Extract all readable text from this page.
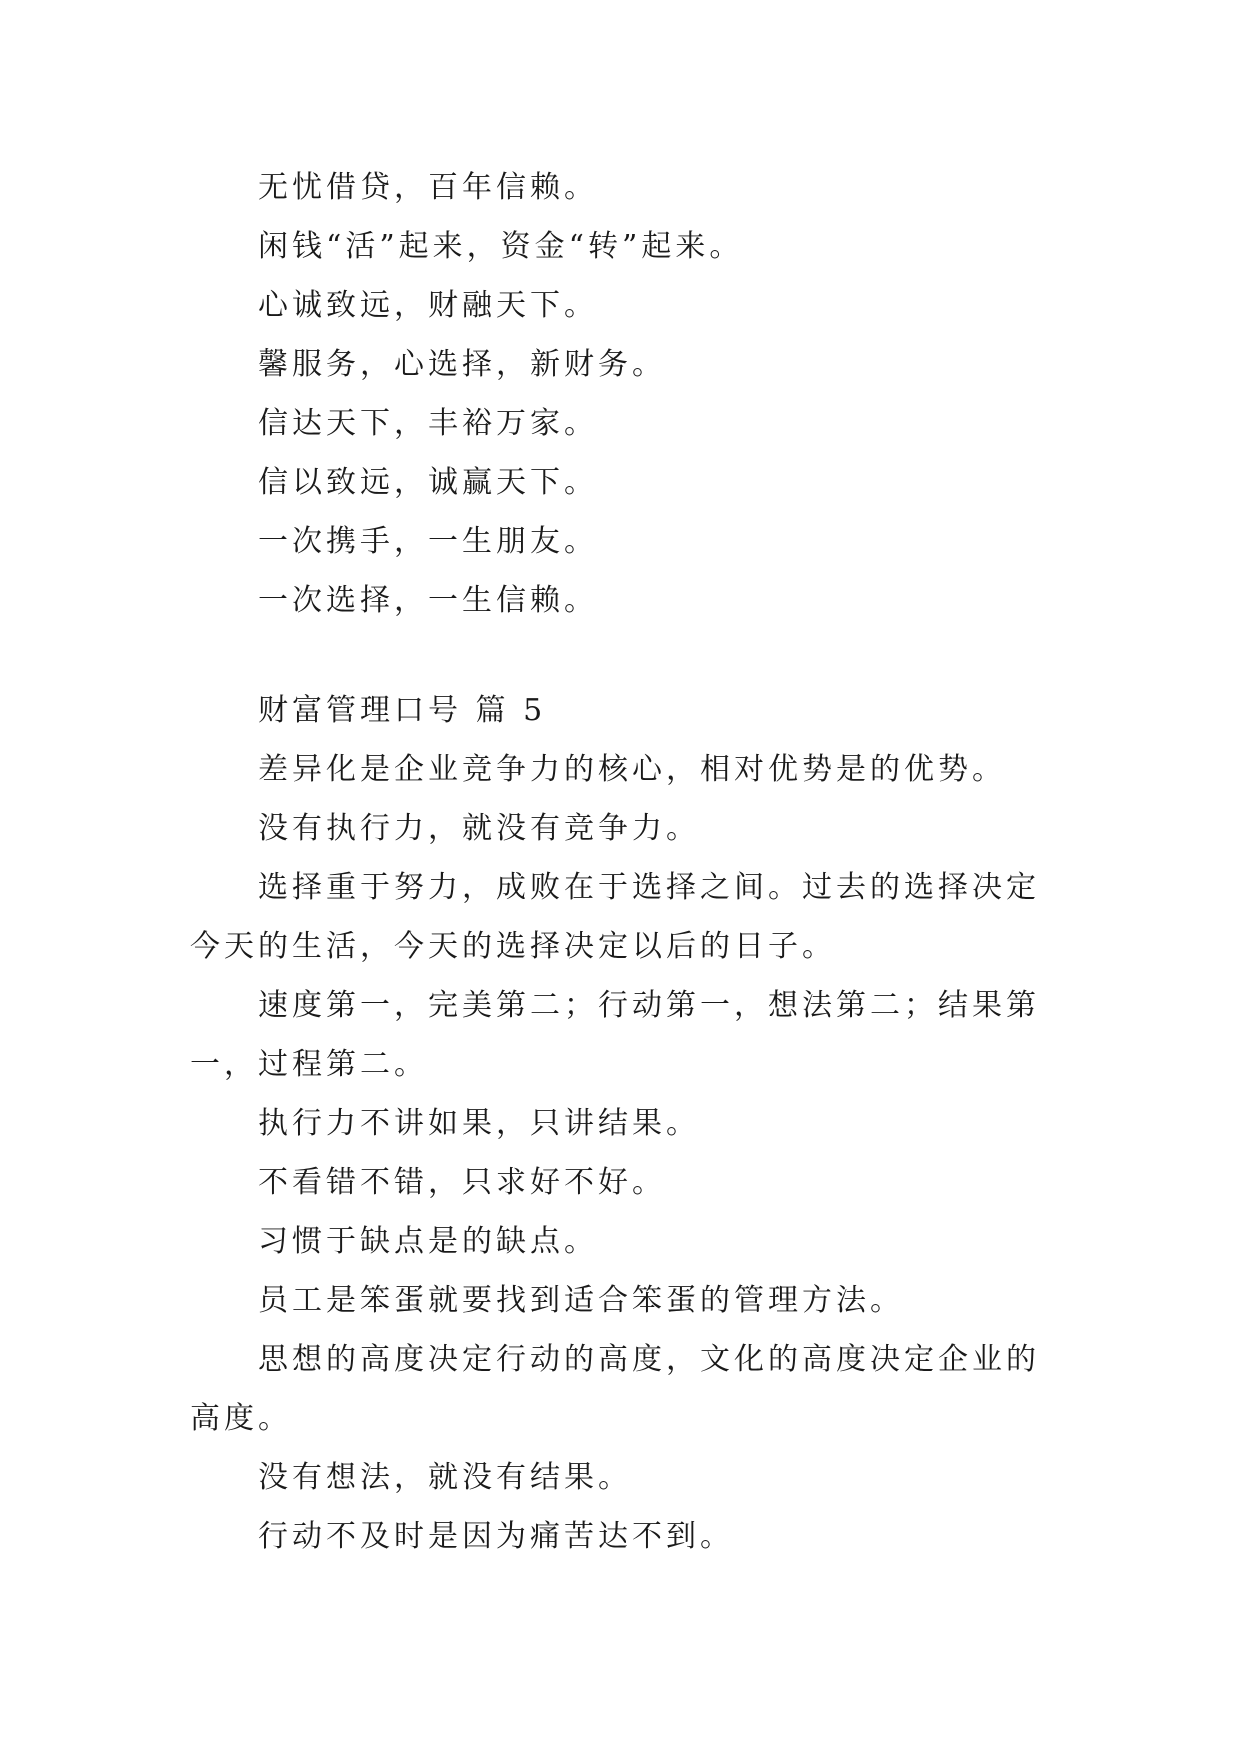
无忧借贷，百年信赖。

闲钱“活”起来，资金“转”起来。

心诚致远，财融天下。

馨服务，心选择，新财务。

信达天下，丰裕万家。

信以致远，诚赢天下。

一次携手，一生朋友。

一次选择，一生信赖。

财富管理口号 篇 5

差异化是企业竞争力的核心，相对优势是的优势。

没有执行力，就没有竞争力。

选择重于努力，成败在于选择之间。过去的选择决定今天的生活，今天的选择决定以后的日子。

速度第一，完美第二；行动第一，想法第二；结果第一，过程第二。

执行力不讲如果，只讲结果。

不看错不错，只求好不好。

习惯于缺点是的缺点。

员工是笨蛋就要找到适合笨蛋的管理方法。

思想的高度决定行动的高度，文化的高度决定企业的高度。

没有想法，就没有结果。

行动不及时是因为痛苦达不到。
